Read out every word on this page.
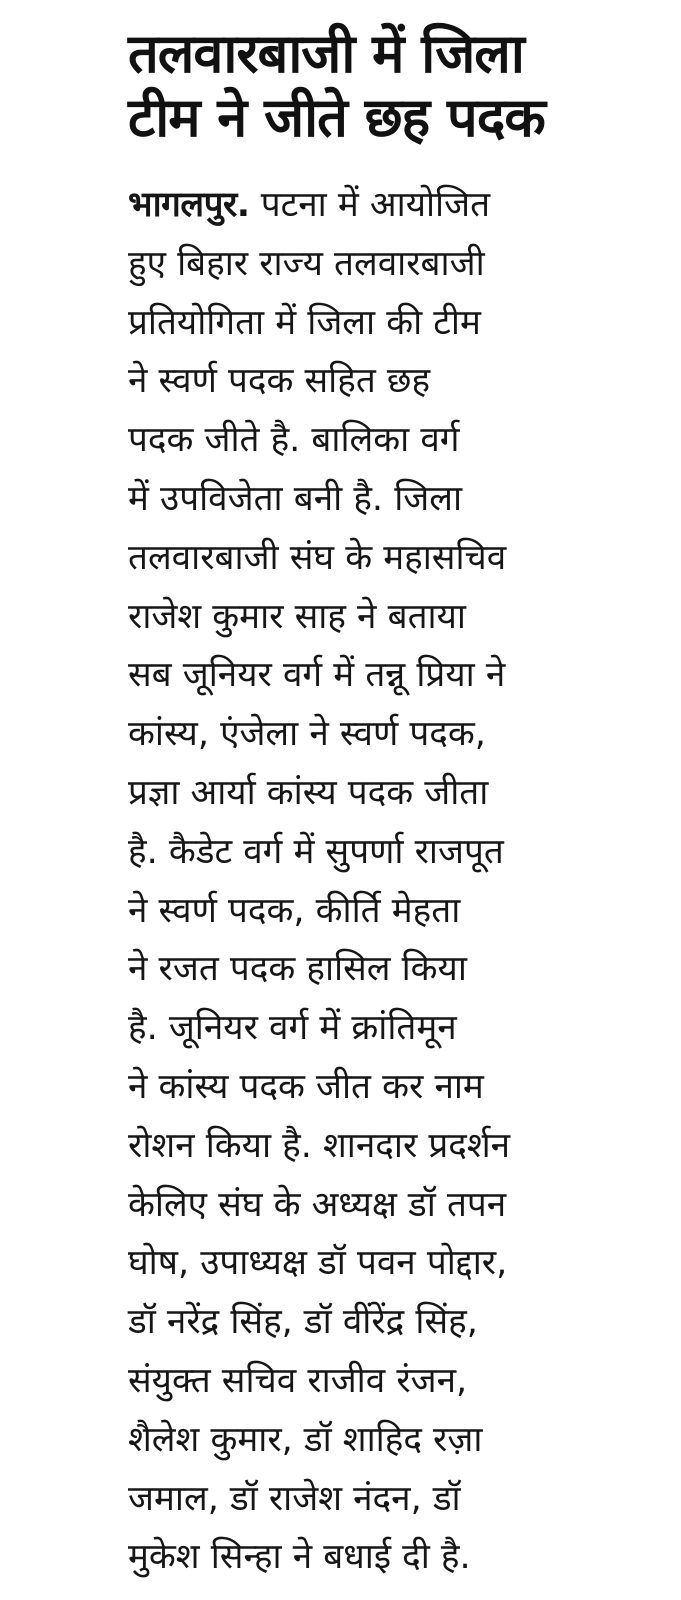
तलवारबाजी में जिला
टीम ने जीते छह पदक
भागलपुर. पटना में आयोजित
हुए बिहार राज्य तलवारबाजी
प्रतियोगिता में जिला की टीम
ने स्वर्ण पदक सहित छह
पदक जीते है. बालिका वर्ग
में उपविजेता बनी है. जिला
तलवारबाजी संघ के महासचिव
राजेश कुमार साह ने बताया
सब जूनियर वर्ग में तन्नू प्रिया ने
कांस्य, एंजेला ने स्वर्ण पदक,
प्रज्ञा आर्या कांस्य पदक जीता
है. कैडेट वर्ग में सुपर्णा राजपूत
ने स्वर्ण पदक, कीर्ति मेहता
ने रजत पदक हासिल किया
है. जूनियर वर्ग में क्रांतिमून
ने कांस्य पदक जीत कर नाम
रोशन किया है. शानदार प्रदर्शन
केलिए संघ के अध्यक्ष डॉ तपन
घोष, उपाध्यक्ष डॉ पवन पोद्दार,
डॉ नरेंद्र सिंह, डॉ वींरेंद्र सिंह,
संयुक्त सचिव राजीव रंजन,
शैलेश कुमार, डॉ शाहिद रज़ा
जमाल, डॉ राजेश नंदन, डॉ
मुकेश सिन्हा ने बधाई दी है.
